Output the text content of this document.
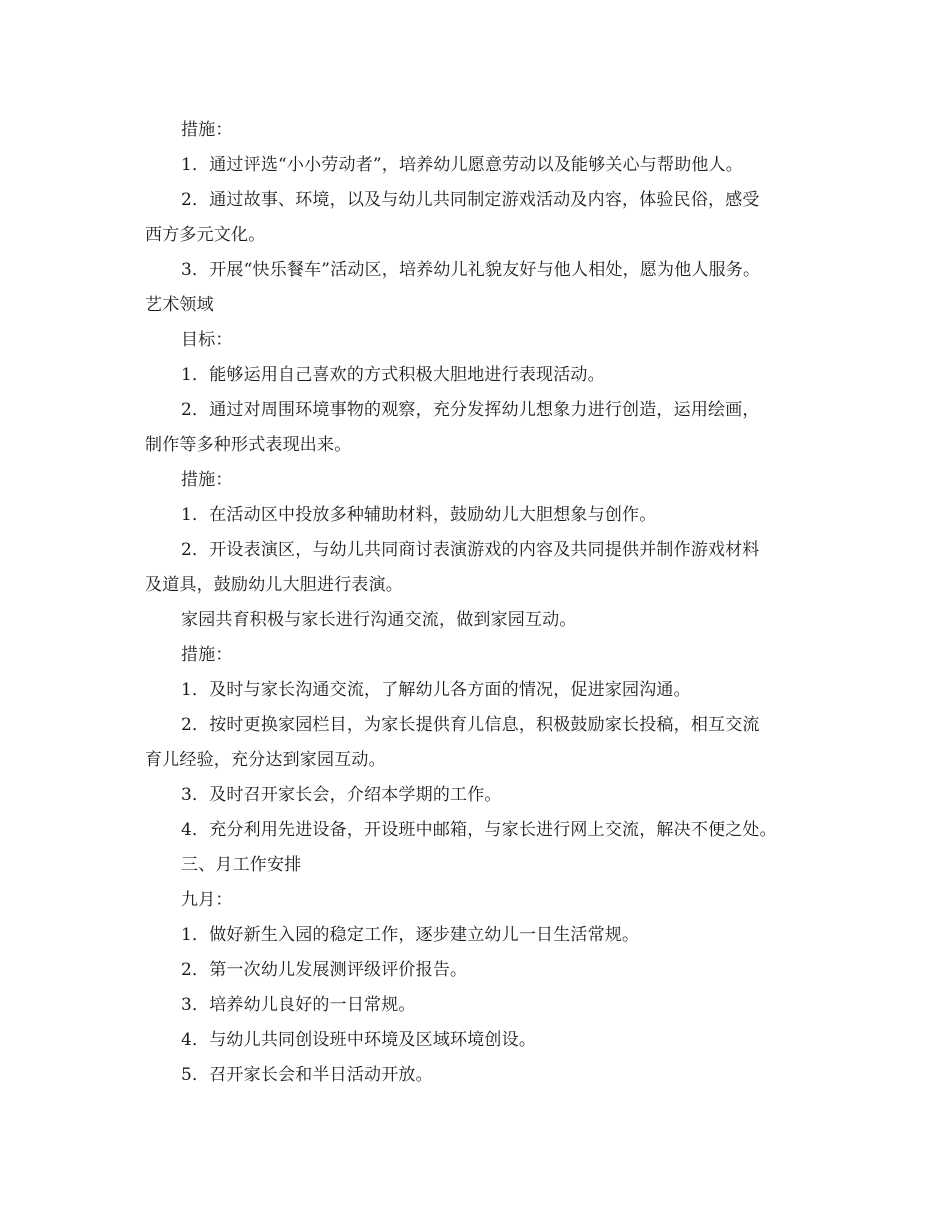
措施：
1．通过评选“小小劳动者”，培养幼儿愿意劳动以及能够关心与帮助他人。
2．通过故事、环境，以及与幼儿共同制定游戏活动及内容，体验民俗，感受
西方多元文化。
3．开展“快乐餐车”活动区，培养幼儿礼貌友好与他人相处，愿为他人服务。
艺术领域
目标：
1．能够运用自己喜欢的方式积极大胆地进行表现活动。
2．通过对周围环境事物的观察，充分发挥幼儿想象力进行创造，运用绘画，
制作等多种形式表现出来。
措施：
1．在活动区中投放多种辅助材料，鼓励幼儿大胆想象与创作。
2．开设表演区，与幼儿共同商讨表演游戏的内容及共同提供并制作游戏材料
及道具，鼓励幼儿大胆进行表演。
家园共育积极与家长进行沟通交流，做到家园互动。
措施：
1．及时与家长沟通交流，了解幼儿各方面的情况，促进家园沟通。
2．按时更换家园栏目，为家长提供育儿信息，积极鼓励家长投稿，相互交流
育儿经验，充分达到家园互动。
3．及时召开家长会，介绍本学期的工作。
4．充分利用先进设备，开设班中邮箱，与家长进行网上交流，解决不便之处。
三、月工作安排
九月：
1．做好新生入园的稳定工作，逐步建立幼儿一日生活常规。
2．第一次幼儿发展测评级评价报告。
3．培养幼儿良好的一日常规。
4．与幼儿共同创设班中环境及区域环境创设。
5．召开家长会和半日活动开放。
